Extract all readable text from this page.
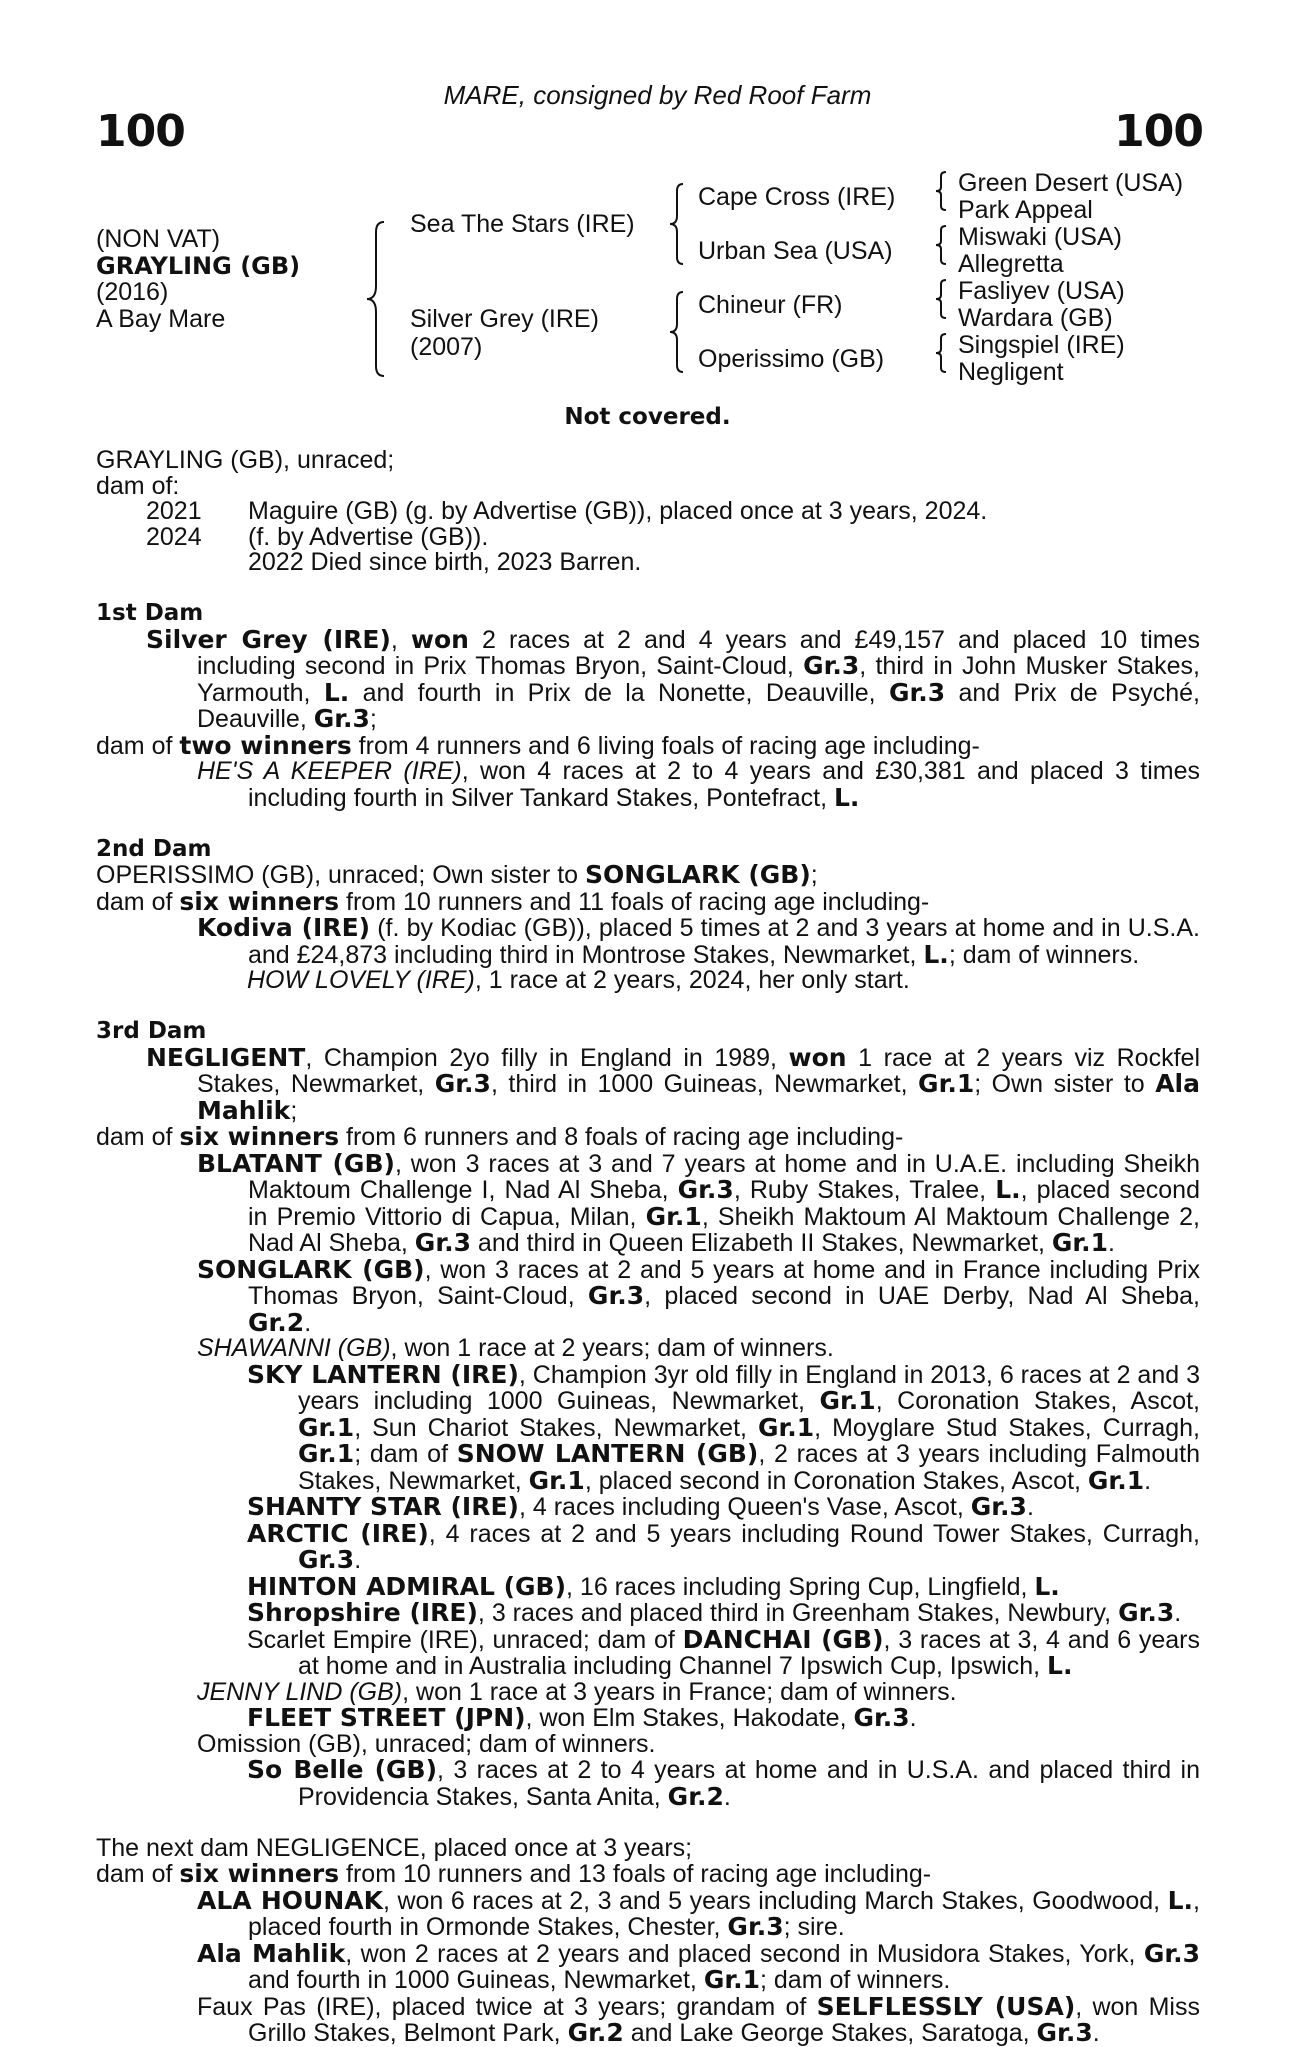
100	100
MARE, consigned by Red Roof Farm
(NON VAT)
GRAYLING (GB)
(2016)
A Bay Mare
Sea The Stars (IRE)
Silver Grey (IRE)
(2007)
Cape Cross (IRE)
Urban Sea (USA)
Chineur (FR)
Operissimo (GB)
Green Desert (USA)
Park Appeal
Miswaki (USA)
Allegretta
Fasliyev (USA)
Wardara (GB)
Singspiel (IRE)
Negligent
Not covered.

GRAYLING (GB), unraced;

dam of:

2021	Maguire (GB) (g. by Advertise (GB)), placed once at 3 years, 2024.
2024	(f. by Advertise (GB)).
	2022 Died since birth, 2023 Barren.

1st Dam

Silver Grey (IRE), won 2 races at 2 and 4 years and £49,157 and placed 10 times including second in Prix Thomas Bryon, Saint-Cloud, Gr.3, third in John Musker Stakes, Yarmouth, L. and fourth in Prix de la Nonette, Deauville, Gr.3 and Prix de Psyché, Deauville, Gr.3;

dam of two winners from 4 runners and 6 living foals of racing age including-

HE'S A KEEPER (IRE), won 4 races at 2 to 4 years and £30,381 and placed 3 times including fourth in Silver Tankard Stakes, Pontefract, L.

2nd Dam

OPERISSIMO (GB), unraced; Own sister to SONGLARK (GB);

dam of six winners from 10 runners and 11 foals of racing age including-

Kodiva (IRE) (f. by Kodiac (GB)), placed 5 times at 2 and 3 years at home and in U.S.A. and £24,873 including third in Montrose Stakes, Newmarket, L.; dam of winners.

HOW LOVELY (IRE), 1 race at 2 years, 2024, her only start.

3rd Dam

NEGLIGENT, Champion 2yo filly in England in 1989, won 1 race at 2 years viz Rockfel Stakes, Newmarket, Gr.3, third in 1000 Guineas, Newmarket, Gr.1; Own sister to Ala Mahlik;

dam of six winners from 6 runners and 8 foals of racing age including-

BLATANT (GB), won 3 races at 3 and 7 years at home and in U.A.E. including Sheikh Maktoum Challenge I, Nad Al Sheba, Gr.3, Ruby Stakes, Tralee, L., placed second in Premio Vittorio di Capua, Milan, Gr.1, Sheikh Maktoum Al Maktoum Challenge 2, Nad Al Sheba, Gr.3 and third in Queen Elizabeth II Stakes, Newmarket, Gr.1.

SONGLARK (GB), won 3 races at 2 and 5 years at home and in France including Prix Thomas Bryon, Saint-Cloud, Gr.3, placed second in UAE Derby, Nad Al Sheba, Gr.2.

SHAWANNI (GB), won 1 race at 2 years; dam of winners.

SKY LANTERN (IRE), Champion 3yr old filly in England in 2013, 6 races at 2 and 3 years including 1000 Guineas, Newmarket, Gr.1, Coronation Stakes, Ascot, Gr.1, Sun Chariot Stakes, Newmarket, Gr.1, Moyglare Stud Stakes, Curragh, Gr.1; dam of SNOW LANTERN (GB), 2 races at 3 years including Falmouth Stakes, Newmarket, Gr.1, placed second in Coronation Stakes, Ascot, Gr.1.

SHANTY STAR (IRE), 4 races including Queen's Vase, Ascot, Gr.3.

ARCTIC (IRE), 4 races at 2 and 5 years including Round Tower Stakes, Curragh, Gr.3.

HINTON ADMIRAL (GB), 16 races including Spring Cup, Lingfield, L.

Shropshire (IRE), 3 races and placed third in Greenham Stakes, Newbury, Gr.3.

Scarlet Empire (IRE), unraced; dam of DANCHAI (GB), 3 races at 3, 4 and 6 years at home and in Australia including Channel 7 Ipswich Cup, Ipswich, L.

JENNY LIND (GB), won 1 race at 3 years in France; dam of winners.

FLEET STREET (JPN), won Elm Stakes, Hakodate, Gr.3.

Omission (GB), unraced; dam of winners.

So Belle (GB), 3 races at 2 to 4 years at home and in U.S.A. and placed third in Providencia Stakes, Santa Anita, Gr.2.

The next dam NEGLIGENCE, placed once at 3 years;

dam of six winners from 10 runners and 13 foals of racing age including-

ALA HOUNAK, won 6 races at 2, 3 and 5 years including March Stakes, Goodwood, L., placed fourth in Ormonde Stakes, Chester, Gr.3; sire.

Ala Mahlik, won 2 races at 2 years and placed second in Musidora Stakes, York, Gr.3 and fourth in 1000 Guineas, Newmarket, Gr.1; dam of winners.

Faux Pas (IRE), placed twice at 3 years; grandam of SELFLESSLY (USA), won Miss Grillo Stakes, Belmont Park, Gr.2 and Lake George Stakes, Saratoga, Gr.3.
